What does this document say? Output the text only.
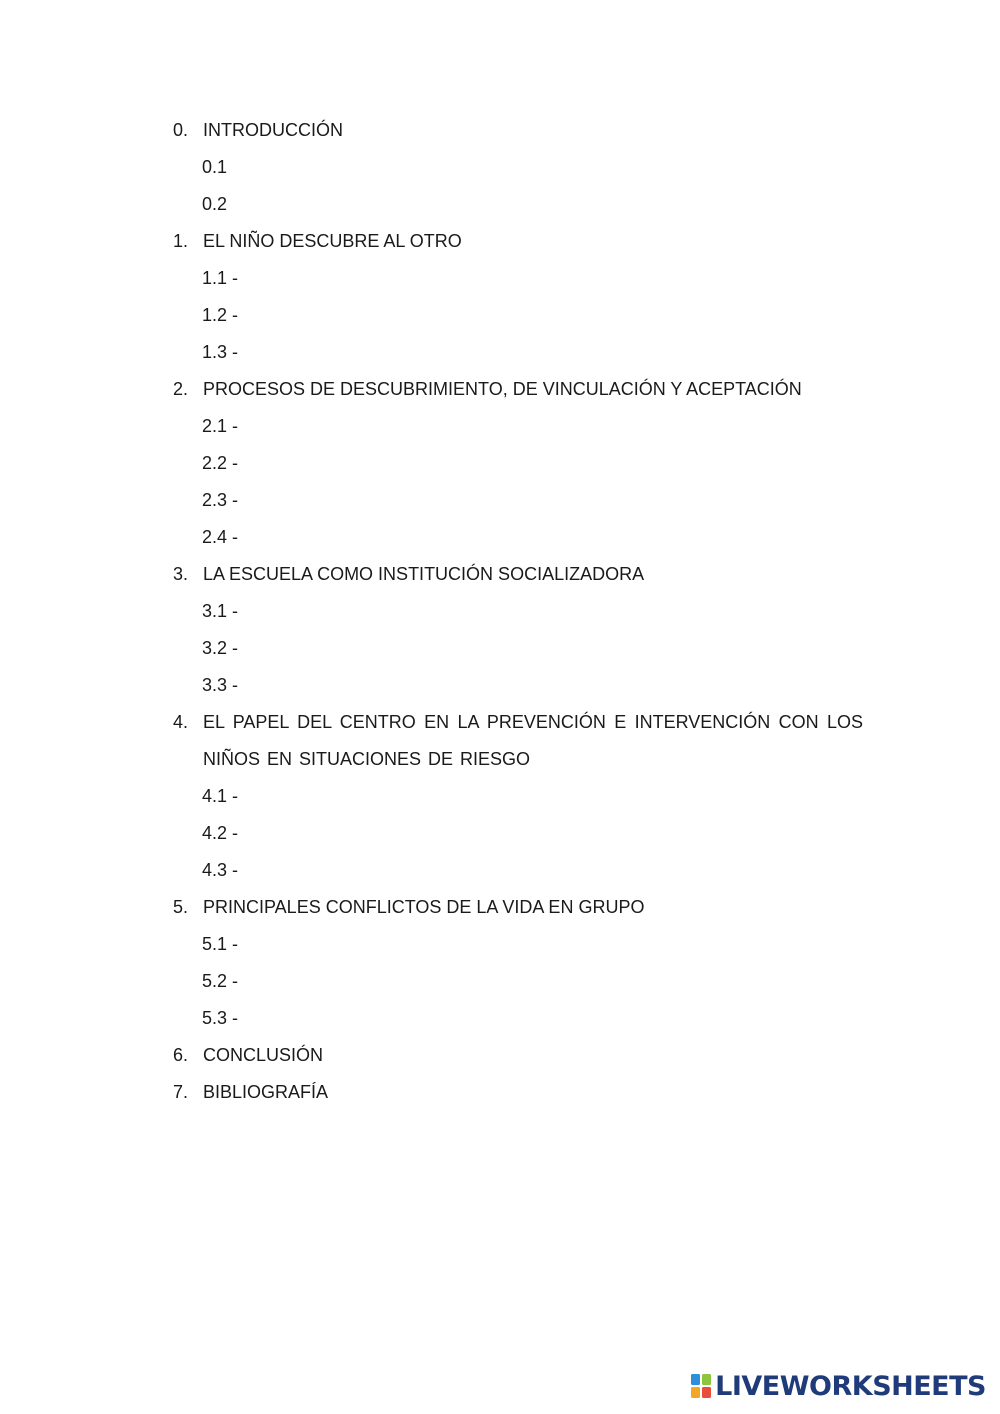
0. INTRODUCCIÓN
0.1
0.2
1. EL NIÑO DESCUBRE AL OTRO
1.1 -
1.2 -
1.3 -
2. PROCESOS DE DESCUBRIMIENTO, DE VINCULACIÓN Y ACEPTACIÓN
2.1 -
2.2 -
2.3 -
2.4 -
3. LA ESCUELA COMO INSTITUCIÓN SOCIALIZADORA
3.1 -
3.2 -
3.3 -
4. EL PAPEL DEL CENTRO EN LA PREVENCIÓN E INTERVENCIÓN CON LOS NIÑOS EN SITUACIONES DE RIESGO
4.1 -
4.2 -
4.3 -
5. PRINCIPALES CONFLICTOS DE LA VIDA EN GRUPO
5.1 -
5.2 -
5.3 -
6. CONCLUSIÓN
7. BIBLIOGRAFÍA
LIVEWORKSHEETS
